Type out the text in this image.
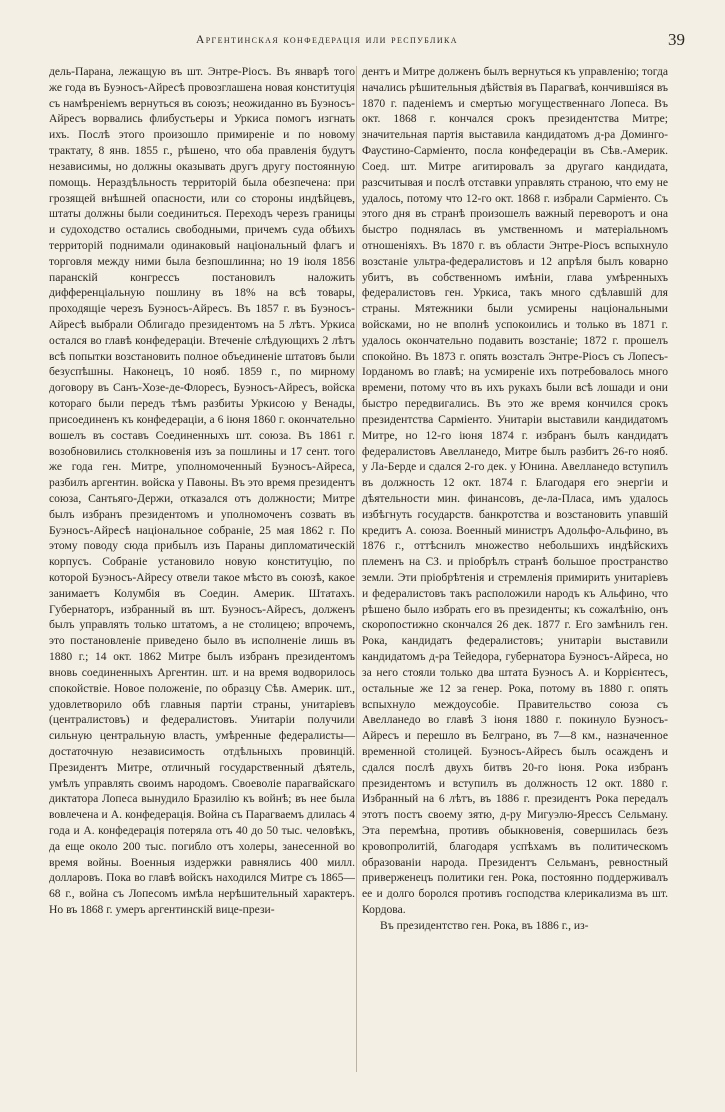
Аргентинская конфедерація или республика	39

дель-Парана, лежащую въ шт. Энтре-Ріосъ. Въ январѣ того же года въ Буэносъ-Айресѣ провозглашена новая конституція съ намѣреніемъ вернуться въ союзъ; неожиданно въ Буэносъ-Айресъ ворвались флибустьеры и Уркиса помогъ изгнать ихъ. Послѣ этого произошло примиреніе и по новому трактату, 8 янв. 1855 г., рѣшено, что оба правленія будутъ независимы, но должны оказывать другъ другу постоянную помощь. Нераздѣльность территорій была обезпечена: при грозящей внѣшней опасности, или со стороны индѣйцевъ, штаты должны были соединиться. Переходъ черезъ границы и судоходство остались свободными, причемъ суда обѣихъ территорій поднимали одинаковый національный флагъ и торговля между ними была безпошлинна; но 19 іюля 1856 паранскій конгрессъ постановилъ наложить дифференціальную пошлину въ 18% на всѣ товары, проходящіе черезъ Буэносъ-Айресъ. Въ 1857 г. въ Буэносъ-Айресѣ выбрали Облигадо президентомъ на 5 лѣтъ. Уркиса остался во главѣ конфедераціи. Втеченіе слѣдующихъ 2 лѣтъ всѣ попытки возстановить полное объединеніе штатовъ были безуспѣшны. Наконецъ, 10 нояб. 1859 г., по мирному договору въ Санъ-Хозе-де-Флоресъ, Буэносъ-Айресъ, войска котораго были передъ тѣмъ разбиты Уркисою у Венады, присоединенъ къ конфедераціи, а 6 іюня 1860 г. окончательно вошелъ въ составъ Соединенныхъ шт. союза. Въ 1861 г. возобновились столкновенія изъ за пошлины и 17 сент. того же года ген. Митре, уполномоченный Буэносъ-Айреса, разбилъ аргентин. войска у Павоны. Въ это время президентъ союза, Сантьяго-Держи, отказался отъ должности; Митре былъ избранъ президентомъ и уполномоченъ созвать въ Буэносъ-Айресѣ національное собраніе, 25 мая 1862 г. По этому поводу сюда прибылъ изъ Параны дипломатическій корпусъ. Собраніе установило новую конституцію, по которой Буэносъ-Айресу отвели такое мѣсто въ союзѣ, какое занимаетъ Колумбія въ Соедин. Америк. Штатахъ. Губернаторъ, избранный въ шт. Буэносъ-Айресъ, долженъ былъ управлять только штатомъ, а не столицею; впрочемъ, это постановленіе приведено было въ исполненіе лишь въ 1880 г.; 14 окт. 1862 Митре былъ избранъ президентомъ вновь соединенныхъ Аргентин. шт. и на время водворилось спокойствіе. Новое положеніе, по образцу Сѣв. Америк. шт., удовлетворило обѣ главныя партіи страны, унитаріевъ (централистовъ) и федералистовъ. Унитаріи получили сильную центральную власть, умѣренные федералисты—достаточную независимость отдѣльныхъ провинцій. Президентъ Митре, отличный государственный дѣятель, умѣлъ управлять своимъ народомъ. Своеволіе парагвайскаго диктатора Лопеса вынудило Бразилію къ войнѣ; въ нее была вовлечена и А. конфедерація. Война съ Парагваемъ длилась 4 года и А. конфедерація потеряла отъ 40 до 50 тыс. человѣкъ, да еще около 200 тыс. погибло отъ холеры, занесенной во время войны. Военныя издержки равнялись 400 милл. долларовъ. Пока во главѣ войскъ находился Митре съ 1865—68 г., война съ Лопесомъ имѣла нерѣшительный характеръ. Но въ 1868 г. умеръ аргентинскій вице-прези-

дентъ и Митре долженъ былъ вернуться къ управленію; тогда начались рѣшительныя дѣйствія въ Парагваѣ, кончившіяся въ 1870 г. паденіемъ и смертью могущественнаго Лопеса. Въ окт. 1868 г. кончался срокъ президентства Митре; значительная партія выставила кандидатомъ д-ра Доминго-Фаустино-Сарміенто, посла конфедераціи въ Сѣв.-Америк. Соед. шт. Митре агитировалъ за другаго кандидата, разсчитывая и послѣ отставки управлять страною, что ему не удалось, потому что 12-го окт. 1868 г. избрали Сарміенто. Съ этого дня въ странѣ произошелъ важный переворотъ и она быстро поднялась въ умственномъ и матеріальномъ отношеніяхъ. Въ 1870 г. въ области Энтре-Ріосъ вспыхнуло возстаніе ультра-федералистовъ и 12 апрѣля былъ коварно убитъ, въ собственномъ имѣніи, глава умѣренныхъ федералистовъ ген. Уркиса, такъ много сдѣлавшій для страны. Мятежники были усмирены національными войсками, но не вполнѣ успокоились и только въ 1871 г. удалось окончательно подавить возстаніе; 1872 г. прошелъ спокойно. Въ 1873 г. опять возсталъ Энтре-Ріосъ съ Лопесъ-Іорданомъ во главѣ; на усмиреніе ихъ потребовалось много времени, потому что въ ихъ рукахъ были всѣ лошади и они быстро передвигались. Въ это же время кончился срокъ президентства Сарміенто. Унитаріи выставили кандидатомъ Митре, но 12-го іюня 1874 г. избранъ былъ кандидатъ федералистовъ Авелланедо, Митре былъ разбитъ 26-го нояб. у Ла-Берде и сдался 2-го дек. у Юнина. Авелланедо вступилъ въ должность 12 окт. 1874 г. Благодаря его энергіи и дѣятельности мин. финансовъ, де-ла-Пласа, имъ удалось избѣгнуть государств. банкротства и возстановить упавшій кредитъ А. союза. Военный министръ Адольфо-Альфино, въ 1876 г., оттѣснилъ множество небольшихъ индѣйскихъ племенъ на СЗ. и пріобрѣлъ странѣ большое пространство земли. Эти пріобрѣтенія и стремленія примирить унитаріевъ и федералистовъ такъ расположили народъ къ Альфино, что рѣшено было избрать его въ президенты; къ сожалѣнію, онъ скоропостижно скончался 26 дек. 1877 г. Его замѣнилъ ген. Рока, кандидатъ федералистовъ; унитаріи выставили кандидатомъ д-ра Тейедора, губернатора Буэносъ-Айреса, но за него стояли только два штата Буэносъ А. и Коррієнтесъ, остальные же 12 за генер. Рока, потому въ 1880 г. опять вспыхнуло междоусобіе. Правительство союза съ Авелланедо во главѣ 3 іюня 1880 г. покинуло Буэносъ-Айресъ и перешло въ Белграно, въ 7—8 км., назначенное временной столицей. Буэносъ-Айресъ былъ осажденъ и сдался послѣ двухъ битвъ 20-го іюня. Рока избранъ президентомъ и вступилъ въ должность 12 окт. 1880 г. Избранный на 6 лѣтъ, въ 1886 г. президентъ Рока передалъ этотъ постъ своему зятю, д-ру Мигуэлю-Ярессъ Сельману. Эта перемѣна, противъ обыкновенія, совершилась безъ кровопролитій, благодаря успѣхамъ въ политическомъ образованіи народа. Президентъ Сельманъ, ревностный приверженецъ политики ген. Рока, постоянно поддерживалъ ее и долго боролся противъ господства клерикализма въ шт. Кордова.

Въ президентство ген. Рока, въ 1886 г., из-
